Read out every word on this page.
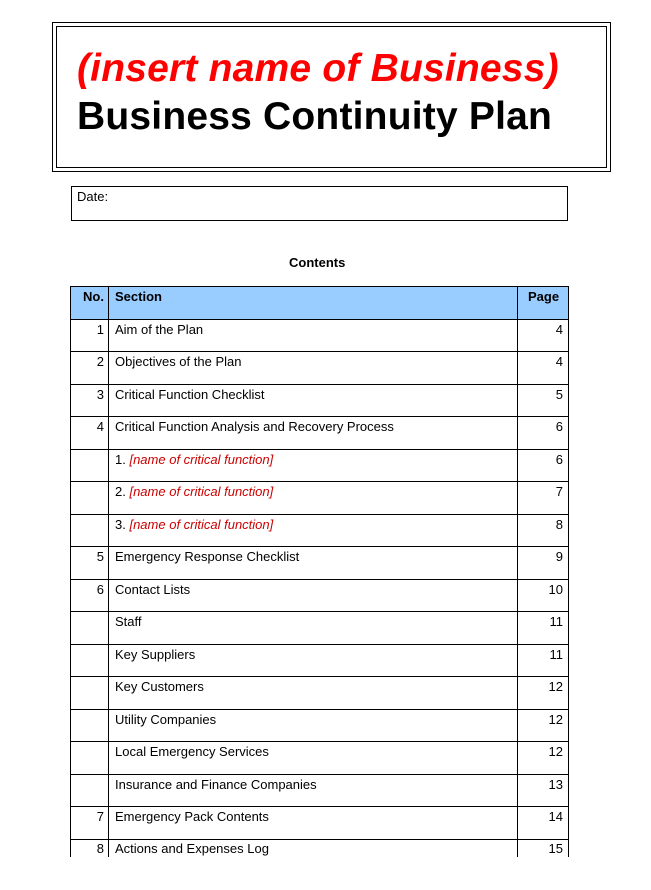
(insert name of Business)
Business Continuity Plan
Date:
Contents
No.	Section	Page
1	Aim of the Plan	4
2	Objectives of the Plan	4
3	Critical Function Checklist	5
4	Critical Function Analysis and Recovery Process	6
	1. [name of critical function]	6
	2. [name of critical function]	7
	3. [name of critical function]	8
5	Emergency Response Checklist	9
6	Contact Lists	10
	Staff	11
	Key Suppliers	11
	Key Customers	12
	Utility Companies	12
	Local Emergency Services	12
	Insurance and Finance Companies	13
7	Emergency Pack Contents	14
8	Actions and Expenses Log	15
